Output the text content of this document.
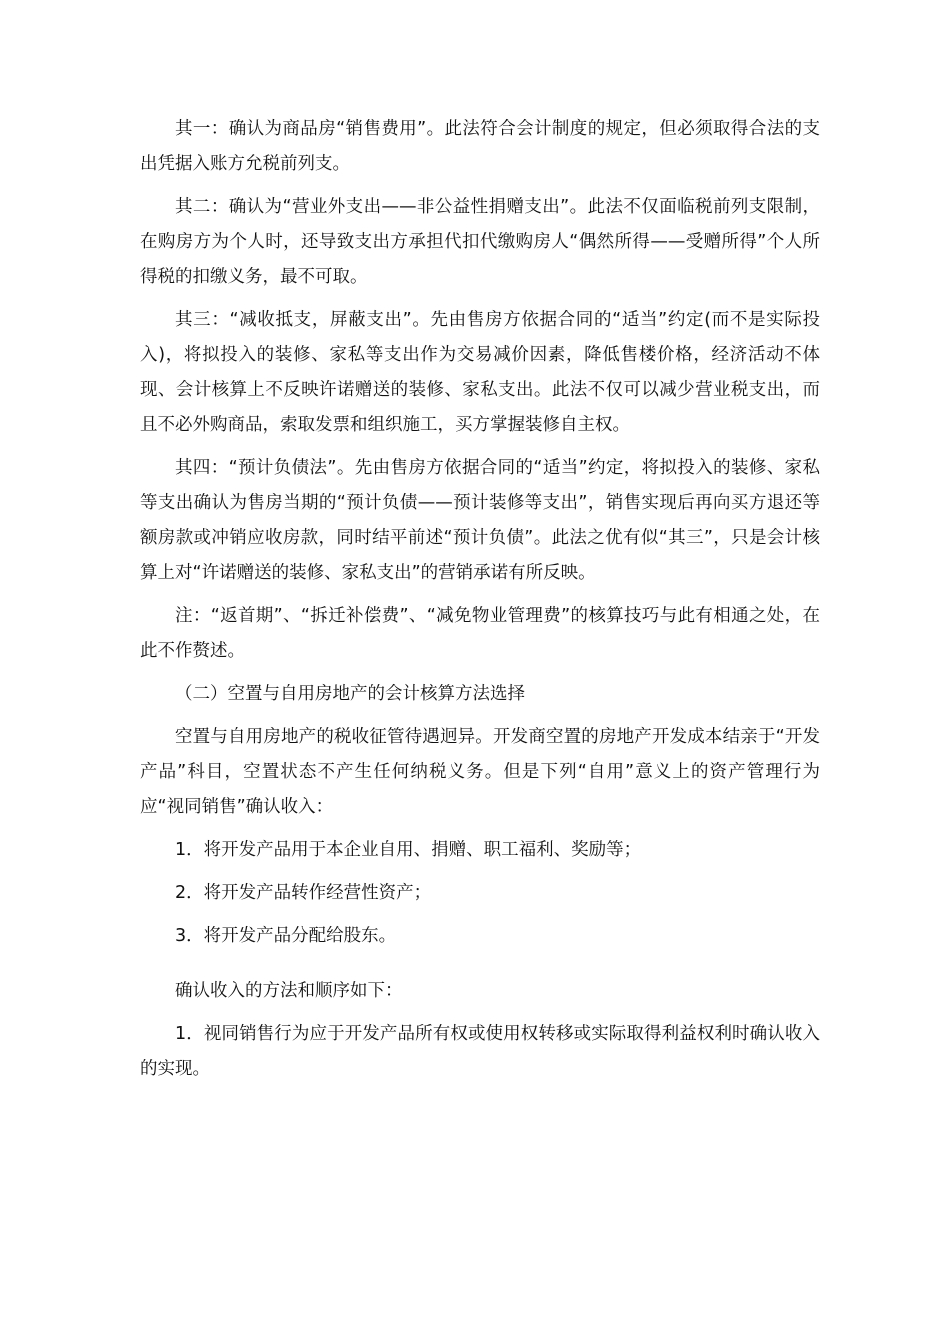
其一：确认为商品房“销售费用”。此法符合会计制度的规定，但必须取得合法的支出凭据入账方允税前列支。

其二：确认为“营业外支出——非公益性捐赠支出”。此法不仅面临税前列支限制，在购房方为个人时，还导致支出方承担代扣代缴购房人“偶然所得——受赠所得”个人所得税的扣缴义务，最不可取。

其三：“减收抵支，屏蔽支出”。先由售房方依据合同的“适当”约定(而不是实际投入)，将拟投入的装修、家私等支出作为交易减价因素，降低售楼价格，经济活动不体现、会计核算上不反映许诺赠送的装修、家私支出。此法不仅可以减少营业税支出，而且不必外购商品，索取发票和组织施工，买方掌握装修自主权。

其四：“预计负债法”。先由售房方依据合同的“适当”约定，将拟投入的装修、家私等支出确认为售房当期的“预计负债——预计装修等支出”，销售实现后再向买方退还等额房款或冲销应收房款，同时结平前述“预计负债”。此法之优有似“其三”，只是会计核算上对“许诺赠送的装修、家私支出”的营销承诺有所反映。

注：“返首期”、“拆迁补偿费”、“减免物业管理费”的核算技巧与此有相通之处，在此不作赘述。

（二）空置与自用房地产的会计核算方法选择

空置与自用房地产的税收征管待遇迥异。开发商空置的房地产开发成本结亲于“开发产品”科目，空置状态不产生任何纳税义务。但是下列“自用”意义上的资产管理行为应“视同销售”确认收入：

1．将开发产品用于本企业自用、捐赠、职工福利、奖励等；

2．将开发产品转作经营性资产；

3．将开发产品分配给股东。

确认收入的方法和顺序如下：

1．视同销售行为应于开发产品所有权或使用权转移或实际取得利益权利时确认收入的实现。
